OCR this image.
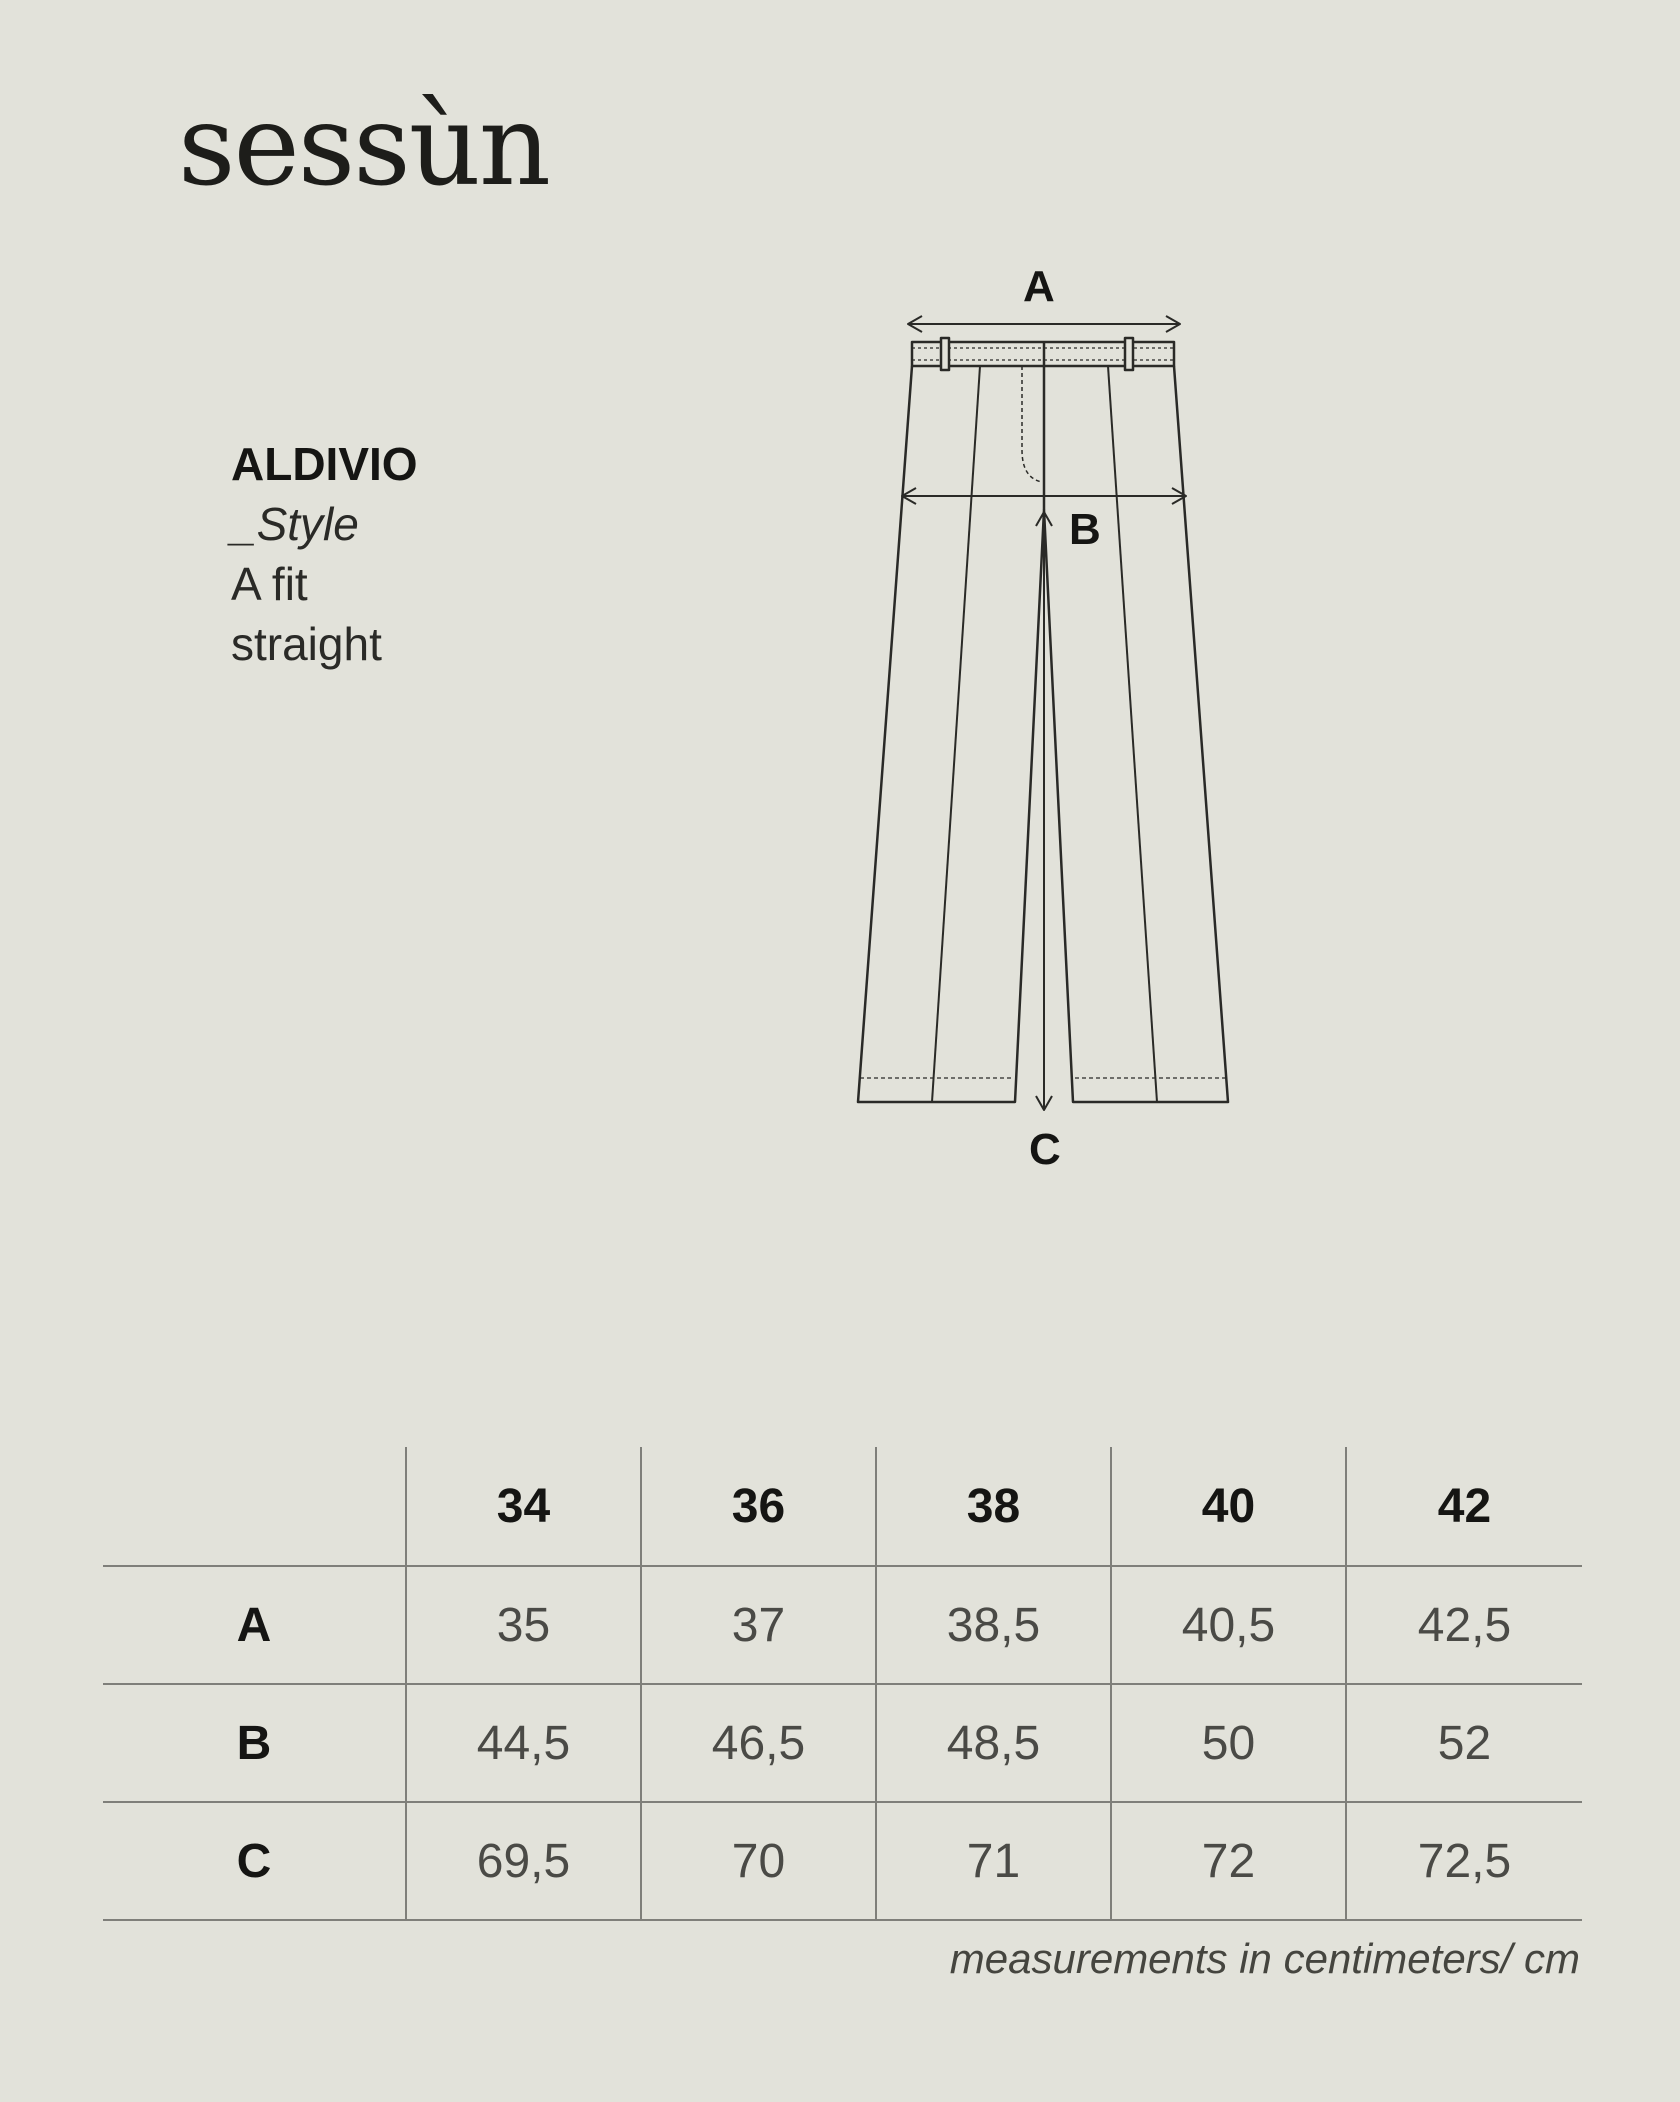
sessùn
ALDIVIO
_Style
A fit
straight
A
B
C
	34	36	38	40	42
A	35	37	38,5	40,5	42,5
B	44,5	46,5	48,5	50	52
C	69,5	70	71	72	72,5
measurements in centimeters/ cm
